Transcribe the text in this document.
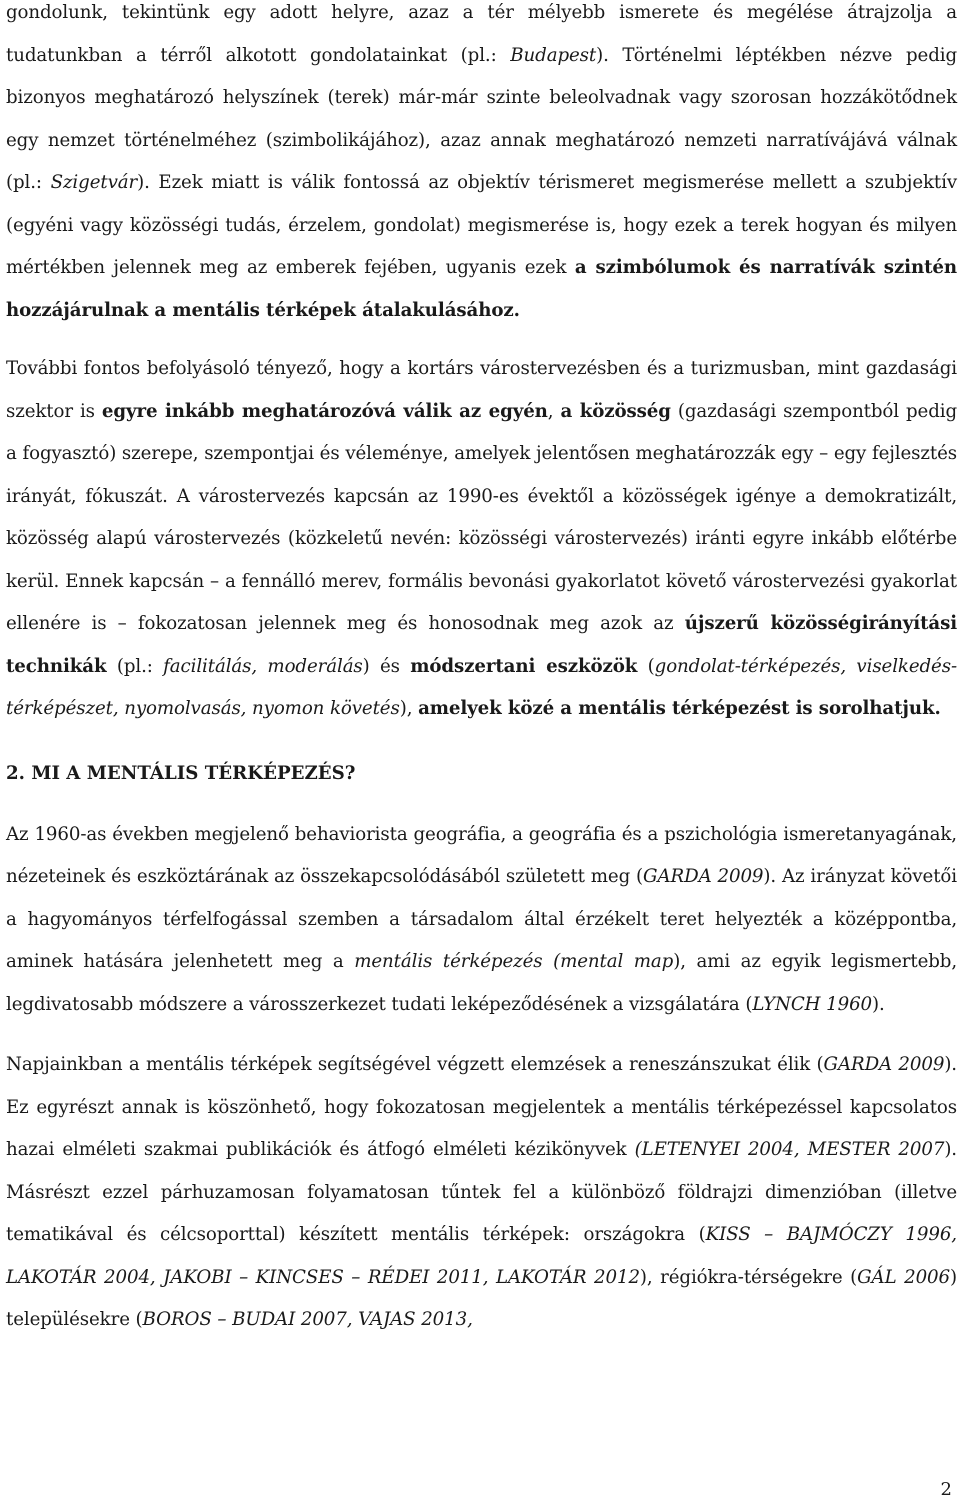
gondolunk, tekintünk egy adott helyre, azaz a tér mélyebb ismerete és megélése átrajzolja a tudatunkban a térről alkotott gondolatainkat (pl.: Budapest). Történelmi léptékben nézve pedig bizonyos meghatározó helyszínek (terek) már-már szinte beleolvadnak vagy szorosan hozzákötődnek egy nemzet történelméhez (szimbolikájához), azaz annak meghatározó nemzeti narratívájává válnak (pl.: Szigetvár). Ezek miatt is válik fontossá az objektív térismeret megismerése mellett a szubjektív (egyéni vagy közösségi tudás, érzelem, gondolat) megismerése is, hogy ezek a terek hogyan és milyen mértékben jelennek meg az emberek fejében, ugyanis ezek a szimbólumok és narratívák szintén hozzájárulnak a mentális térképek átalakulásához.

További fontos befolyásoló tényező, hogy a kortárs várostervezésben és a turizmusban, mint gazdasági szektor is egyre inkább meghatározóvá válik az egyén, a közösség (gazdasági szempontból pedig a fogyasztó) szerepe, szempontjai és véleménye, amelyek jelentősen meghatározzák egy – egy fejlesztés irányát, fókuszát. A várostervezés kapcsán az 1990-es évektől a közösségek igénye a demokratizált, közösség alapú várostervezés (közkeletű nevén: közösségi várostervezés) iránti egyre inkább előtérbe kerül. Ennek kapcsán – a fennálló merev, formális bevonási gyakorlatot követő várostervezési gyakorlat ellenére is – fokozatosan jelennek meg és honosodnak meg azok az újszerű közösségirányítási technikák (pl.: facilitálás, moderálás) és módszertani eszközök (gondolat-térképezés, viselkedés-térképészet, nyomolvasás, nyomon követés), amelyek közé a mentális térképezést is sorolhatjuk.

2. MI A MENTÁLIS TÉRKÉPEZÉS?

Az 1960-as években megjelenő behaviorista geográfia, a geográfia és a pszichológia ismeretanyagának, nézeteinek és eszköztárának az összekapcsolódásából született meg (GARDA 2009). Az irányzat követői a hagyományos térfelfogással szemben a társadalom által érzékelt teret helyezték a középpontba, aminek hatására jelenhetett meg a mentális térképezés (mental map), ami az egyik legismertebb, legdivatosabb módszere a városszerkezet tudati leképeződésének a vizsgálatára (LYNCH 1960).

Napjainkban a mentális térképek segítségével végzett elemzések a reneszánszukat élik (GARDA 2009). Ez egyrészt annak is köszönhető, hogy fokozatosan megjelentek a mentális térképezéssel kapcsolatos hazai elméleti szakmai publikációk és átfogó elméleti kézikönyvek (LETENYEI 2004, MESTER 2007). Másrészt ezzel párhuzamosan folyamatosan tűntek fel a különböző földrajzi dimenzióban (illetve tematikával és célcsoporttal) készített mentális térképek: országokra (KISS – BAJMÓCZY 1996, LAKOTÁR 2004, JAKOBI – KINCSES – RÉDEI 2011, LAKOTÁR 2012), régiókra-térségekre (GÁL 2006) településekre (BOROS – BUDAI 2007, VAJAS 2013,

2
